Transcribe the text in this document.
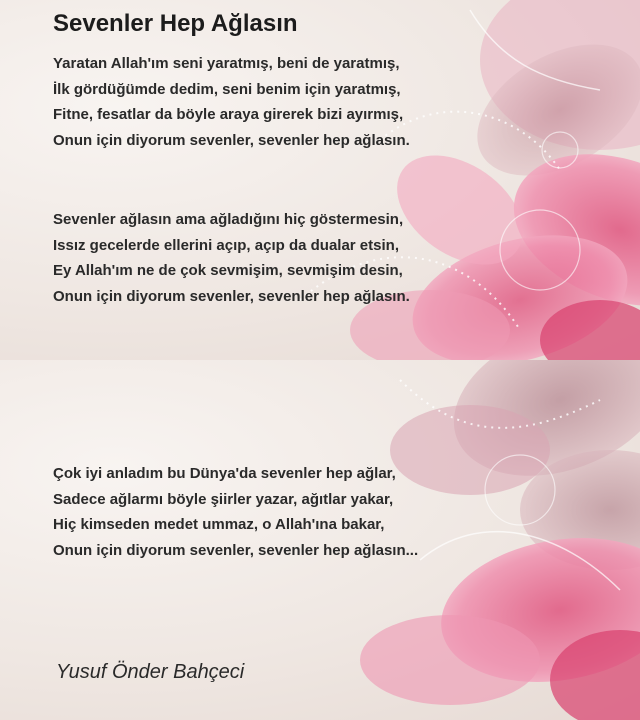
Sevenler Hep Ağlasın
Yaratan Allah'ım seni yaratmış, beni de yaratmış,
İlk gördüğümde dedim, seni benim için yaratmış,
Fitne, fesatlar da böyle araya girerek bizi ayırmış,
Onun için diyorum sevenler, sevenler hep ağlasın.
Sevenler ağlasın ama ağladığını hiç göstermesin,
Issız gecelerde ellerini açıp, açıp da dualar etsin,
Ey Allah'ım ne de çok sevmişim, sevmişim desin,
Onun için diyorum sevenler, sevenler hep ağlasın.
Çok iyi anladım bu Dünya'da sevenler hep ağlar,
Sadece ağlarmı böyle şiirler yazar, ağıtlar yakar,
Hiç kimseden medet ummaz, o Allah'ına bakar,
Onun için diyorum sevenler, sevenler hep ağlasın...
Yusuf Önder Bahçeci
